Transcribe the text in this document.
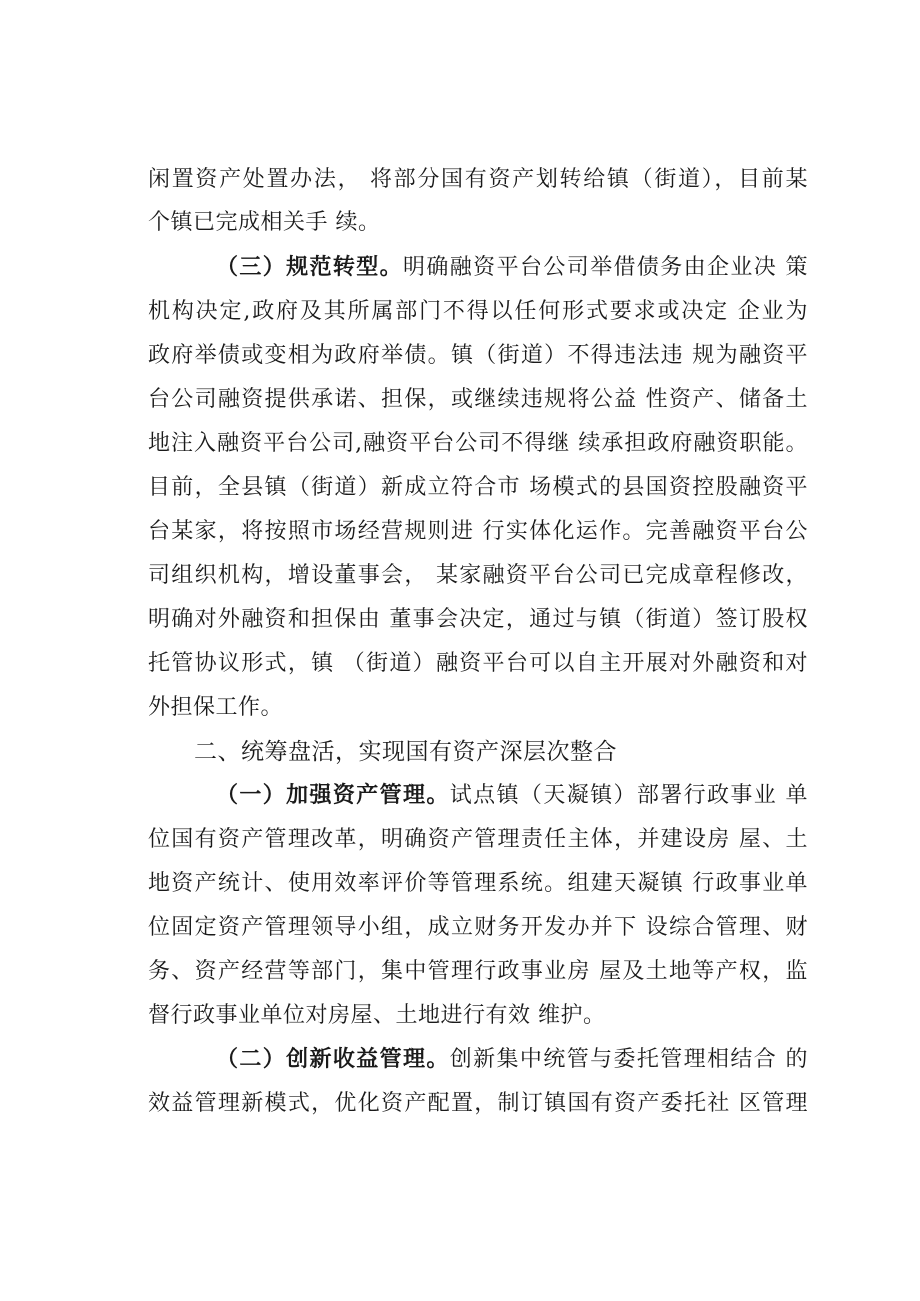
闲置资产处置办法， 将部分国有资产划转给镇（街道），目前某
个镇已完成相关手 续。
（三）规范转型。明确融资平台公司举借债务由企业决 策
机构决定,政府及其所属部门不得以任何形式要求或决定 企业为
政府举债或变相为政府举债。镇（街道）不得违法违 规为融资平
台公司融资提供承诺、担保，或继续违规将公益 性资产、储备土
地注入融资平台公司,融资平台公司不得继 续承担政府融资职能。
目前，全县镇（街道）新成立符合市 场模式的县国资控股融资平
台某家，将按照市场经营规则进 行实体化运作。完善融资平台公
司组织机构，增设董事会， 某家融资平台公司已完成章程修改，
明确对外融资和担保由 董事会决定，通过与镇（街道）签订股权
托管协议形式，镇 （街道）融资平台可以自主开展对外融资和对
外担保工作。
二、统筹盘活，实现国有资产深层次整合
（一）加强资产管理。试点镇（天凝镇）部署行政事业 单
位国有资产管理改革，明确资产管理责任主体，并建设房 屋、土
地资产统计、使用效率评价等管理系统。组建天凝镇 行政事业单
位固定资产管理领导小组，成立财务开发办并下 设综合管理、财
务、资产经营等部门，集中管理行政事业房 屋及土地等产权，监
督行政事业单位对房屋、土地进行有效 维护。
（二）创新收益管理。创新集中统管与委托管理相结合 的
效益管理新模式，优化资产配置，制订镇国有资产委托社 区管理
